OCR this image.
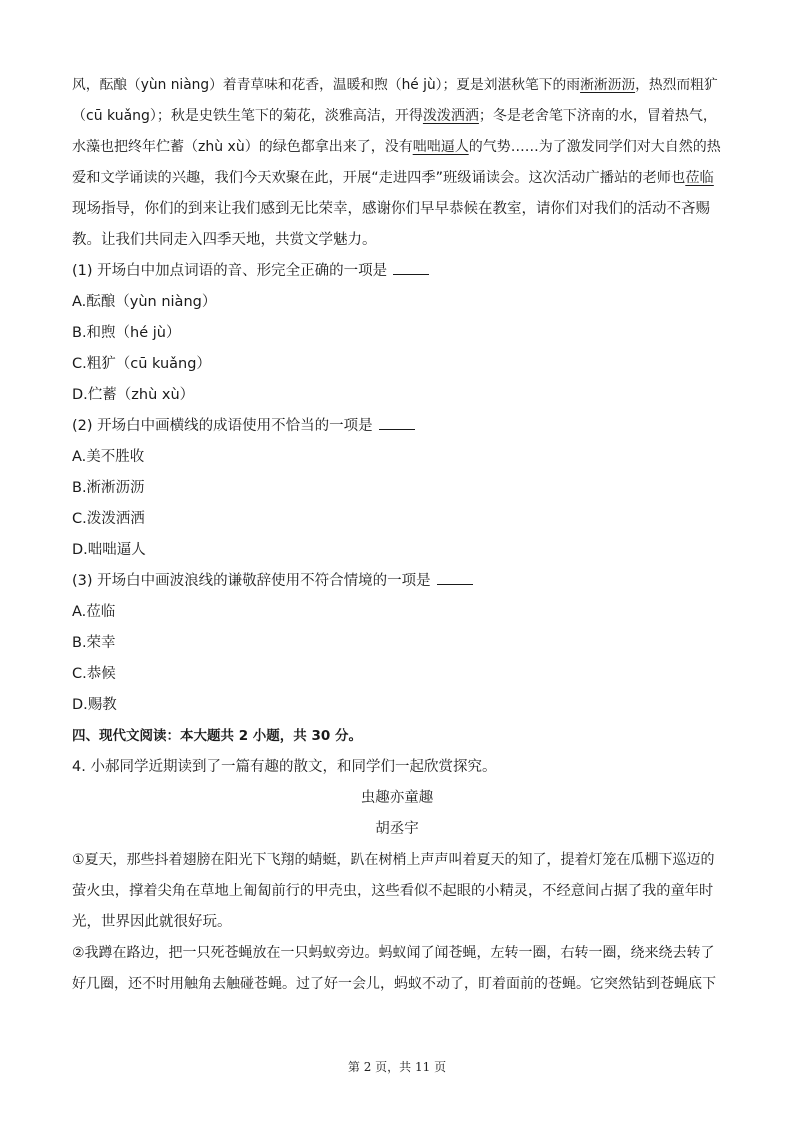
风，酝酿（yùn niàng）着青草味和花香，温暖和煦（hé jù）；夏是刘湛秋笔下的雨淅淅沥沥，热烈而粗犷
（cū kuǎng）；秋是史铁生笔下的菊花，淡雅高洁，开得泼泼洒洒；冬是老舍笔下济南的水，冒着热气，
水藻也把终年伫蓄（zhù xù）的绿色都拿出来了，没有咄咄逼人的气势……为了激发同学们对大自然的热
爱和文学诵读的兴趣，我们今天欢聚在此，开展“走进四季”班级诵读会。这次活动广播站的老师也莅临
现场指导，你们的到来让我们感到无比荣幸，感谢你们早早恭候在教室，请你们对我们的活动不吝赐
教。让我们共同走入四季天地，共赏文学魅力。
(1) 开场白中加点词语的音、形完全正确的一项是
A.酝酿（yùn niàng）
B.和煦（hé jù）
C.粗犷（cū kuǎng）
D.伫蓄（zhù xù）
(2) 开场白中画横线的成语使用不恰当的一项是
A.美不胜收
B.淅淅沥沥
C.泼泼洒洒
D.咄咄逼人
(3) 开场白中画波浪线的谦敬辞使用不符合情境的一项是
A.莅临
B.荣幸
C.恭候
D.赐教
四、现代文阅读：本大题共 2 小题，共 30 分。
4. 小郝同学近期读到了一篇有趣的散文，和同学们一起欣赏探究。
虫趣亦童趣
胡丞宇
①夏天，那些抖着翅膀在阳光下飞翔的蜻蜓，趴在树梢上声声叫着夏天的知了，提着灯笼在瓜棚下巡迈的
萤火虫，撑着尖角在草地上匍匐前行的甲壳虫，这些看似不起眼的小精灵，不经意间占据了我的童年时
光，世界因此就很好玩。
②我蹲在路边，把一只死苍蝇放在一只蚂蚁旁边。蚂蚁闻了闻苍蝇，左转一圈，右转一圈，绕来绕去转了
好几圈，还不时用触角去触碰苍蝇。过了好一会儿，蚂蚁不动了，盯着面前的苍蝇。它突然钻到苍蝇底下
第 2 页，共 11 页
